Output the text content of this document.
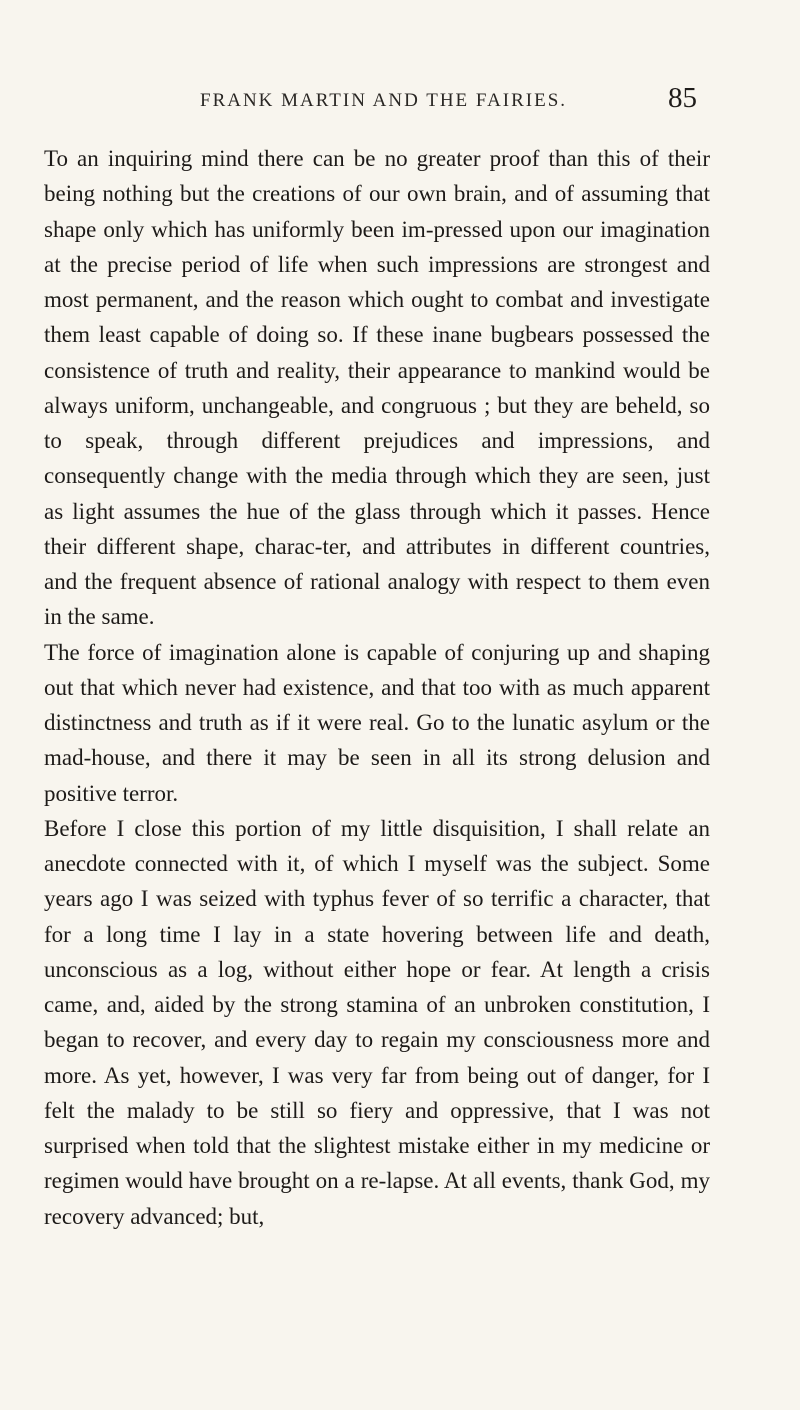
FRANK MARTIN AND THE FAIRIES.	85

To an inquiring mind there can be no greater proof than this of their being nothing but the creations of our own brain, and of assuming that shape only which has uniformly been im-pressed upon our imagination at the precise period of life when such impressions are strongest and most permanent, and the reason which ought to combat and investigate them least capable of doing so. If these inane bugbears possessed the consistence of truth and reality, their appearance to mankind would be always uniform, unchangeable, and congruous ; but they are beheld, so to speak, through different prejudices and impressions, and consequently change with the media through which they are seen, just as light assumes the hue of the glass through which it passes. Hence their different shape, charac-ter, and attributes in different countries, and the frequent absence of rational analogy with respect to them even in the same.

The force of imagination alone is capable of conjuring up and shaping out that which never had existence, and that too with as much apparent distinctness and truth as if it were real. Go to the lunatic asylum or the mad-house, and there it may be seen in all its strong delusion and positive terror.

Before I close this portion of my little disquisition, I shall relate an anecdote connected with it, of which I myself was the subject. Some years ago I was seized with typhus fever of so terrific a character, that for a long time I lay in a state hovering between life and death, unconscious as a log, without either hope or fear. At length a crisis came, and, aided by the strong stamina of an unbroken constitution, I began to recover, and every day to regain my consciousness more and more. As yet, however, I was very far from being out of danger, for I felt the malady to be still so fiery and oppressive, that I was not surprised when told that the slightest mistake either in my medicine or regimen would have brought on a re-lapse. At all events, thank God, my recovery advanced; but,
